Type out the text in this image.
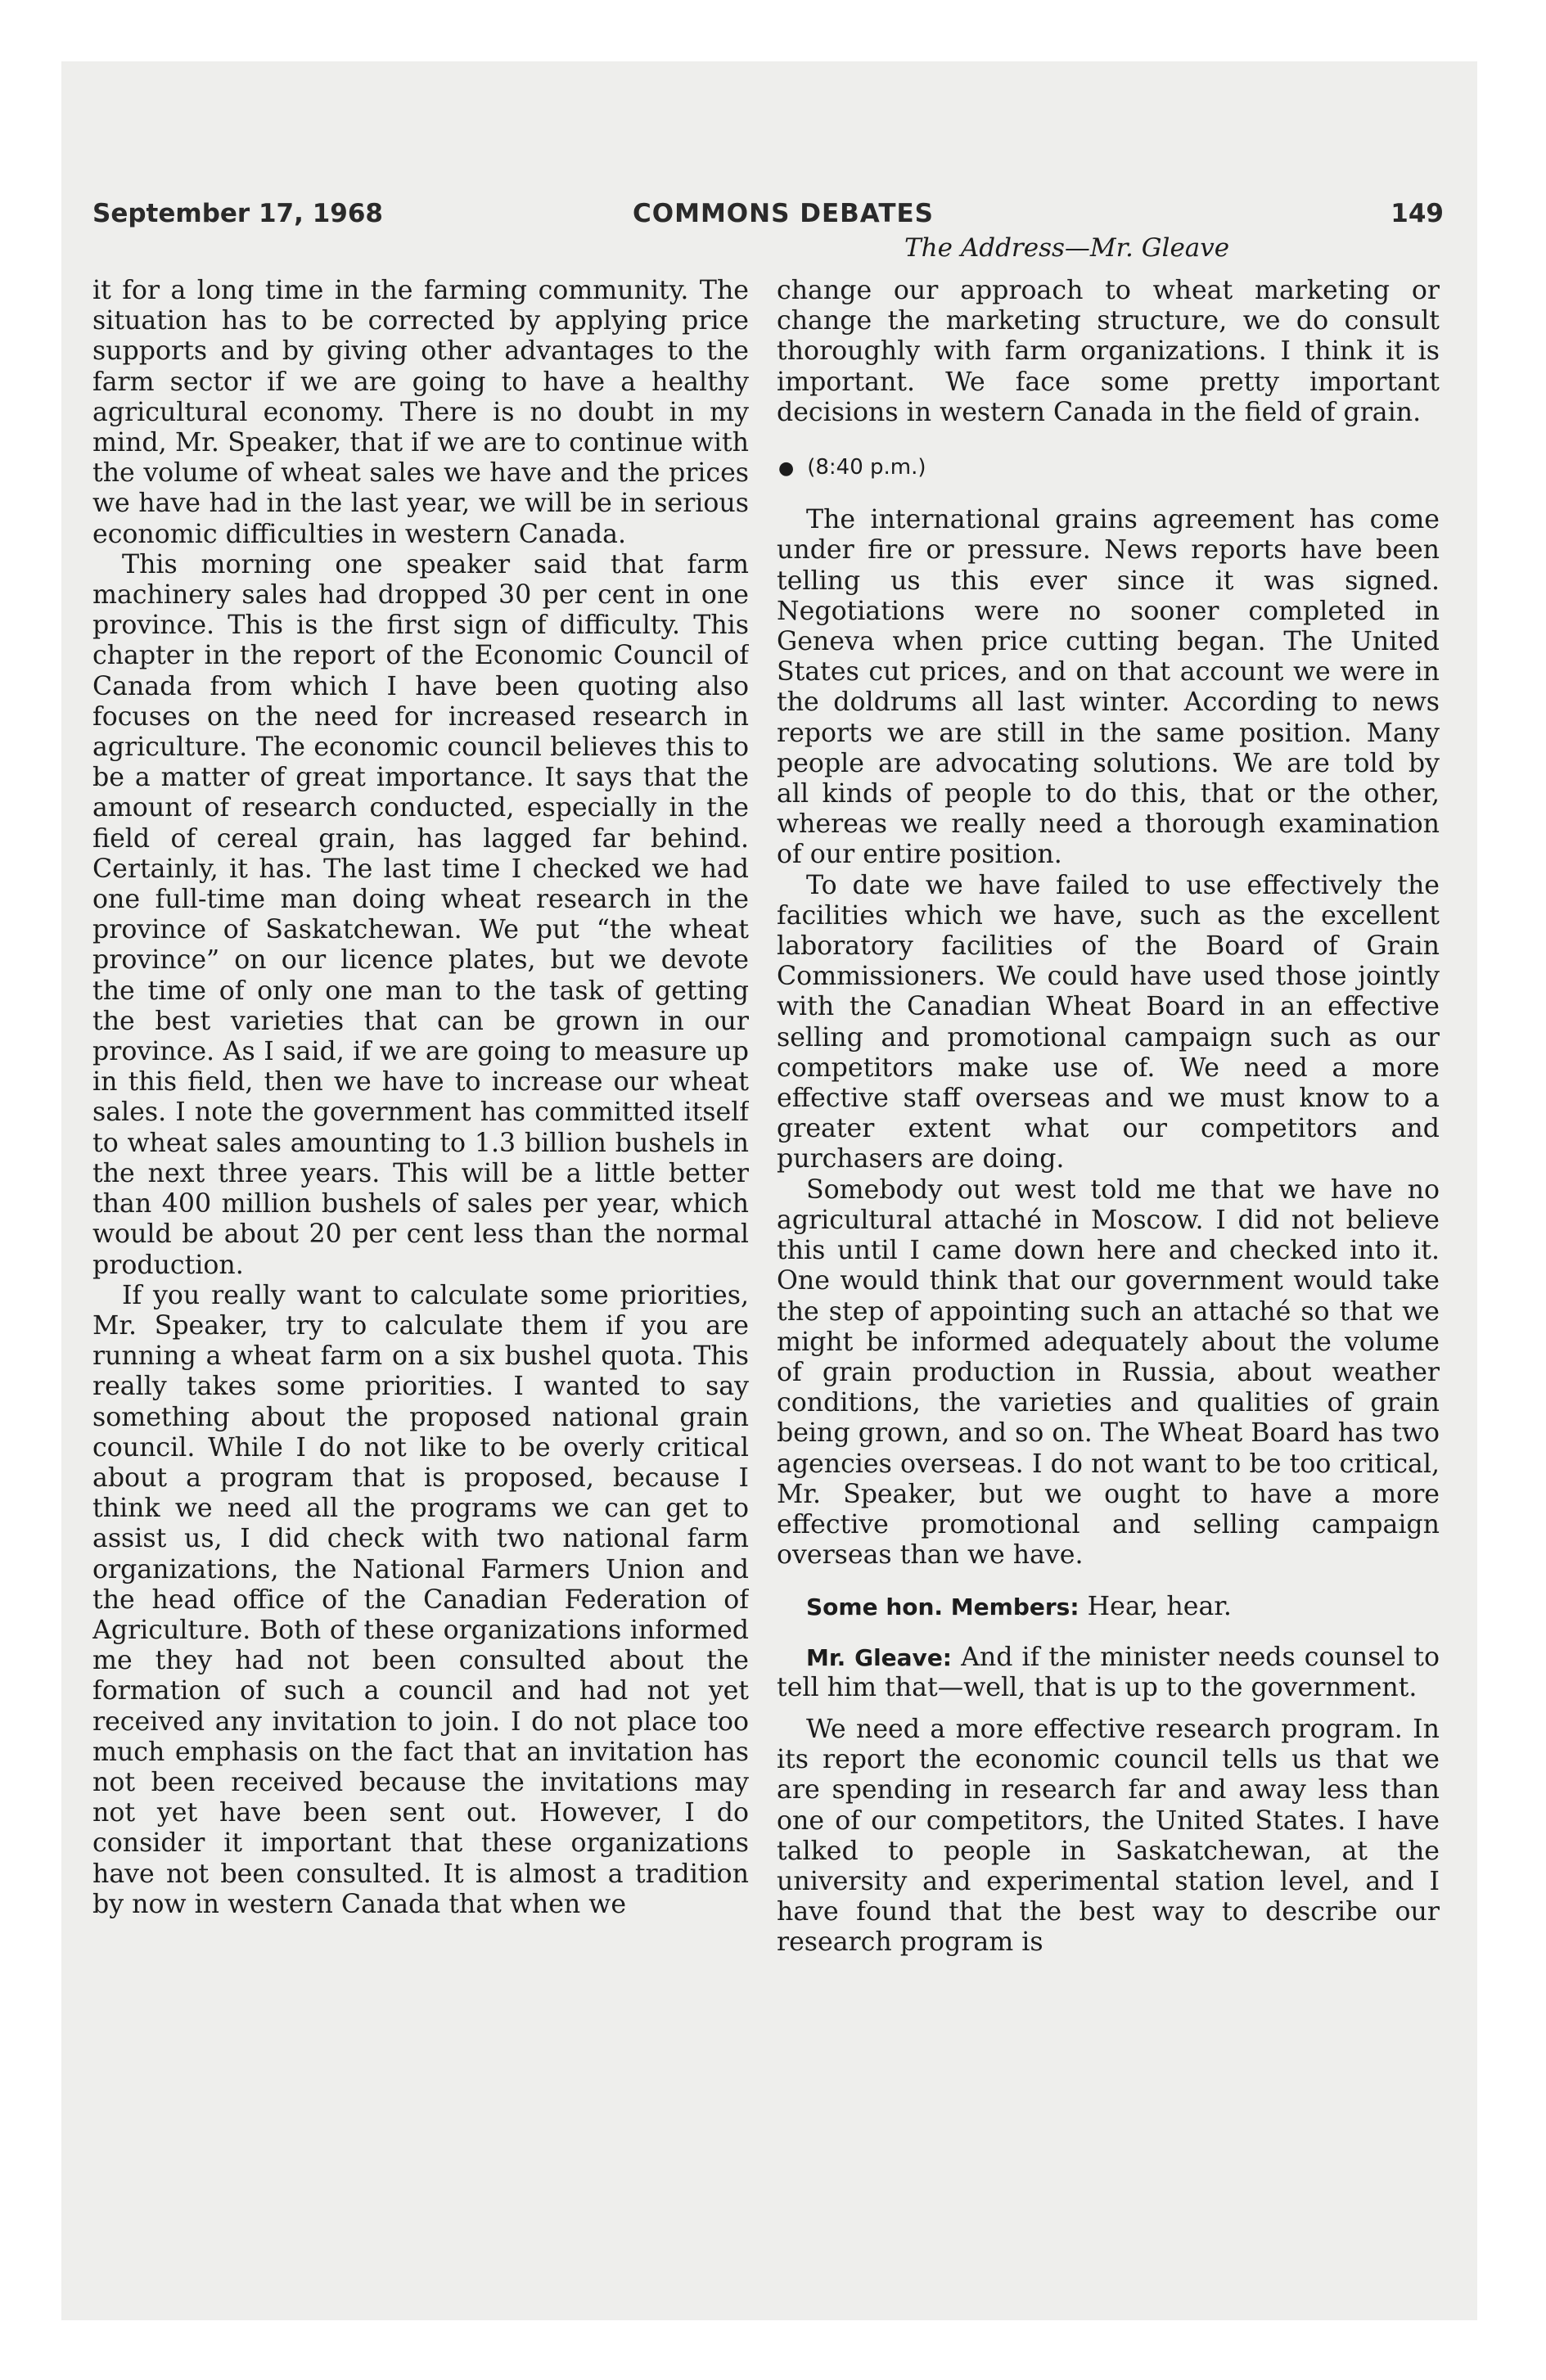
September 17, 1968	COMMONS DEBATES	149
The Address—Mr. Gleave

it for a long time in the farming community. The situation has to be corrected by applying price supports and by giving other advantages to the farm sector if we are going to have a healthy agricultural economy. There is no doubt in my mind, Mr. Speaker, that if we are to continue with the volume of wheat sales we have and the prices we have had in the last year, we will be in serious economic difficulties in western Canada.

This morning one speaker said that farm machinery sales had dropped 30 per cent in one province. This is the first sign of difficulty. This chapter in the report of the Economic Council of Canada from which I have been quoting also focuses on the need for increased research in agriculture. The economic council believes this to be a matter of great importance. It says that the amount of research conducted, especially in the field of cereal grain, has lagged far behind. Certainly, it has. The last time I checked we had one full-time man doing wheat research in the province of Saskatchewan. We put “the wheat province” on our licence plates, but we devote the time of only one man to the task of getting the best varieties that can be grown in our province. As I said, if we are going to measure up in this field, then we have to increase our wheat sales. I note the government has committed itself to wheat sales amounting to 1.3 billion bushels in the next three years. This will be a little better than 400 million bushels of sales per year, which would be about 20 per cent less than the normal production.

If you really want to calculate some priorities, Mr. Speaker, try to calculate them if you are running a wheat farm on a six bushel quota. This really takes some priorities. I wanted to say something about the proposed national grain council. While I do not like to be overly critical about a program that is proposed, because I think we need all the programs we can get to assist us, I did check with two national farm organizations, the National Farmers Union and the head office of the Canadian Federation of Agriculture. Both of these organizations informed me they had not been consulted about the formation of such a council and had not yet received any invitation to join. I do not place too much emphasis on the fact that an invitation has not been received because the invitations may not yet have been sent out. However, I do consider it important that these organizations have not been consulted. It is almost a tradition by now in western Canada that when we

change our approach to wheat marketing or change the marketing structure, we do consult thoroughly with farm organizations. I think it is important. We face some pretty important decisions in western Canada in the field of grain.

● (8:40 p.m.)

The international grains agreement has come under fire or pressure. News reports have been telling us this ever since it was signed. Negotiations were no sooner completed in Geneva when price cutting began. The United States cut prices, and on that account we were in the doldrums all last winter. According to news reports we are still in the same position. Many people are advocating solutions. We are told by all kinds of people to do this, that or the other, whereas we really need a thorough examination of our entire position.

To date we have failed to use effectively the facilities which we have, such as the excellent laboratory facilities of the Board of Grain Commissioners. We could have used those jointly with the Canadian Wheat Board in an effective selling and promotional campaign such as our competitors make use of. We need a more effective staff overseas and we must know to a greater extent what our competitors and purchasers are doing.

Somebody out west told me that we have no agricultural attaché in Moscow. I did not believe this until I came down here and checked into it. One would think that our government would take the step of appointing such an attaché so that we might be informed adequately about the volume of grain production in Russia, about weather conditions, the varieties and qualities of grain being grown, and so on. The Wheat Board has two agencies overseas. I do not want to be too critical, Mr. Speaker, but we ought to have a more effective promotional and selling campaign overseas than we have.

Some hon. Members: Hear, hear.

Mr. Gleave: And if the minister needs counsel to tell him that—well, that is up to the government.

We need a more effective research program. In its report the economic council tells us that we are spending in research far and away less than one of our competitors, the United States. I have talked to people in Saskatchewan, at the university and experimental station level, and I have found that the best way to describe our research program is
